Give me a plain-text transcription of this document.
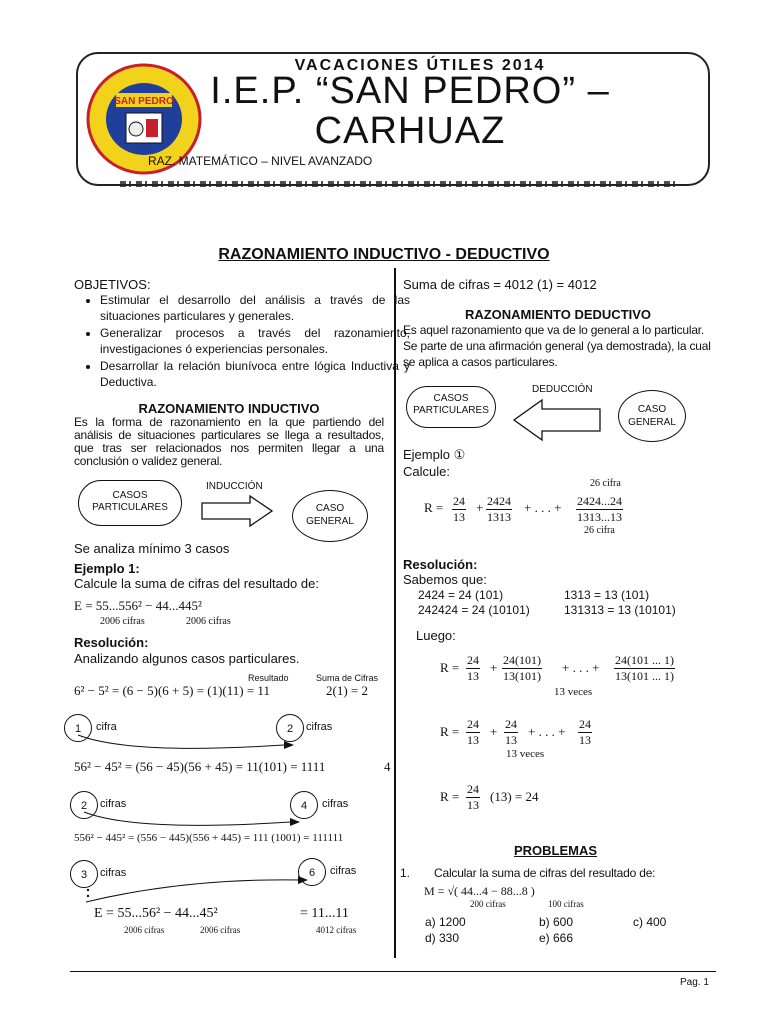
SAN PEDRO
VACACIONES ÚTILES 2014
I.E.P. “SAN PEDRO” –
CARHUAZ
RAZ. MATEMÁTICO – NIVEL AVANZADO
RAZONAMIENTO INDUCTIVO - DEDUCTIVO
OBJETIVOS:
• Estimular el desarrollo del análisis a través de las situaciones particulares y generales.
• Generalizar procesos a través del razonamiento, investigaciones ó experiencias personales.
• Desarrollar la relación biunívoca entre lógica Inductiva y Deductiva.
RAZONAMIENTO INDUCTIVO
Es la forma de razonamiento en la que partiendo del análisis de situaciones particulares se llega a resultados, que tras ser relacionados nos permiten llegar a una conclusión o validez general.
CASOS PARTICULARES
INDUCCIÓN
CASO GENERAL
Se analiza mínimo 3 casos
Ejemplo 1:
Calcule la suma de cifras del resultado de:
E = 55...556² − 44...445²
2006 cifras	2006 cifras
Resolución:
Analizando algunos casos particulares.
Resultado	Suma de Cifras
6² − 5² = (6 − 5)(6 + 5) = (1)(11) = 11	2(1) = 2
1	cifra	2	cifras
56² − 45² = (56 − 45)(56 + 45) = 11(101) = 1111	4
2	cifras	4	cifras
556² − 445² = (556 − 445)(556 + 445) = 111 (1001) = 111111
3	cifras	6	cifras
E = 55...56² − 44...45²	= 11...11
2006 cifras	2006 cifras	4012 cifras
Suma de cifras = 4012 (1) = 4012
RAZONAMIENTO DEDUCTIVO
Es aquel razonamiento que va de lo general a lo particular. Se parte de una afirmación general (ya demostrada), la cual se aplica a casos particulares.
CASOS PARTICULARES
DEDUCCIÓN
CASO GENERAL
Ejemplo ①
Calcule:
26 cifra
$R = \frac{24}{13} + \frac{2424}{1313}$ + . . . + $\frac{2424...24}{1313...13}$
26 cifra
Resolución:
Sabemos que:
2424 = 24 (101)	1313 = 13 (101)
242424 = 24 (10101)	131313 = 13 (10101)
Luego:
$R = \frac{24}{13} + \frac{24(101)}{13(101)}$ + . . . + $\frac{24(101 ... 1)}{13(101 ... 1)}$
13 veces
$R = \frac{24}{13} + \frac{24}{13}$ + . . . + $\frac{24}{13}$
13 veces
$R = \frac{24}{13} (13) = 24$
PROBLEMAS
1. Calcular la suma de cifras del resultado de:
M = √( 44...4 − 88...8 )
200 cifras	100 cifras
a) 1200	b) 600	c) 400
d) 330	e) 666
Pag. 1
